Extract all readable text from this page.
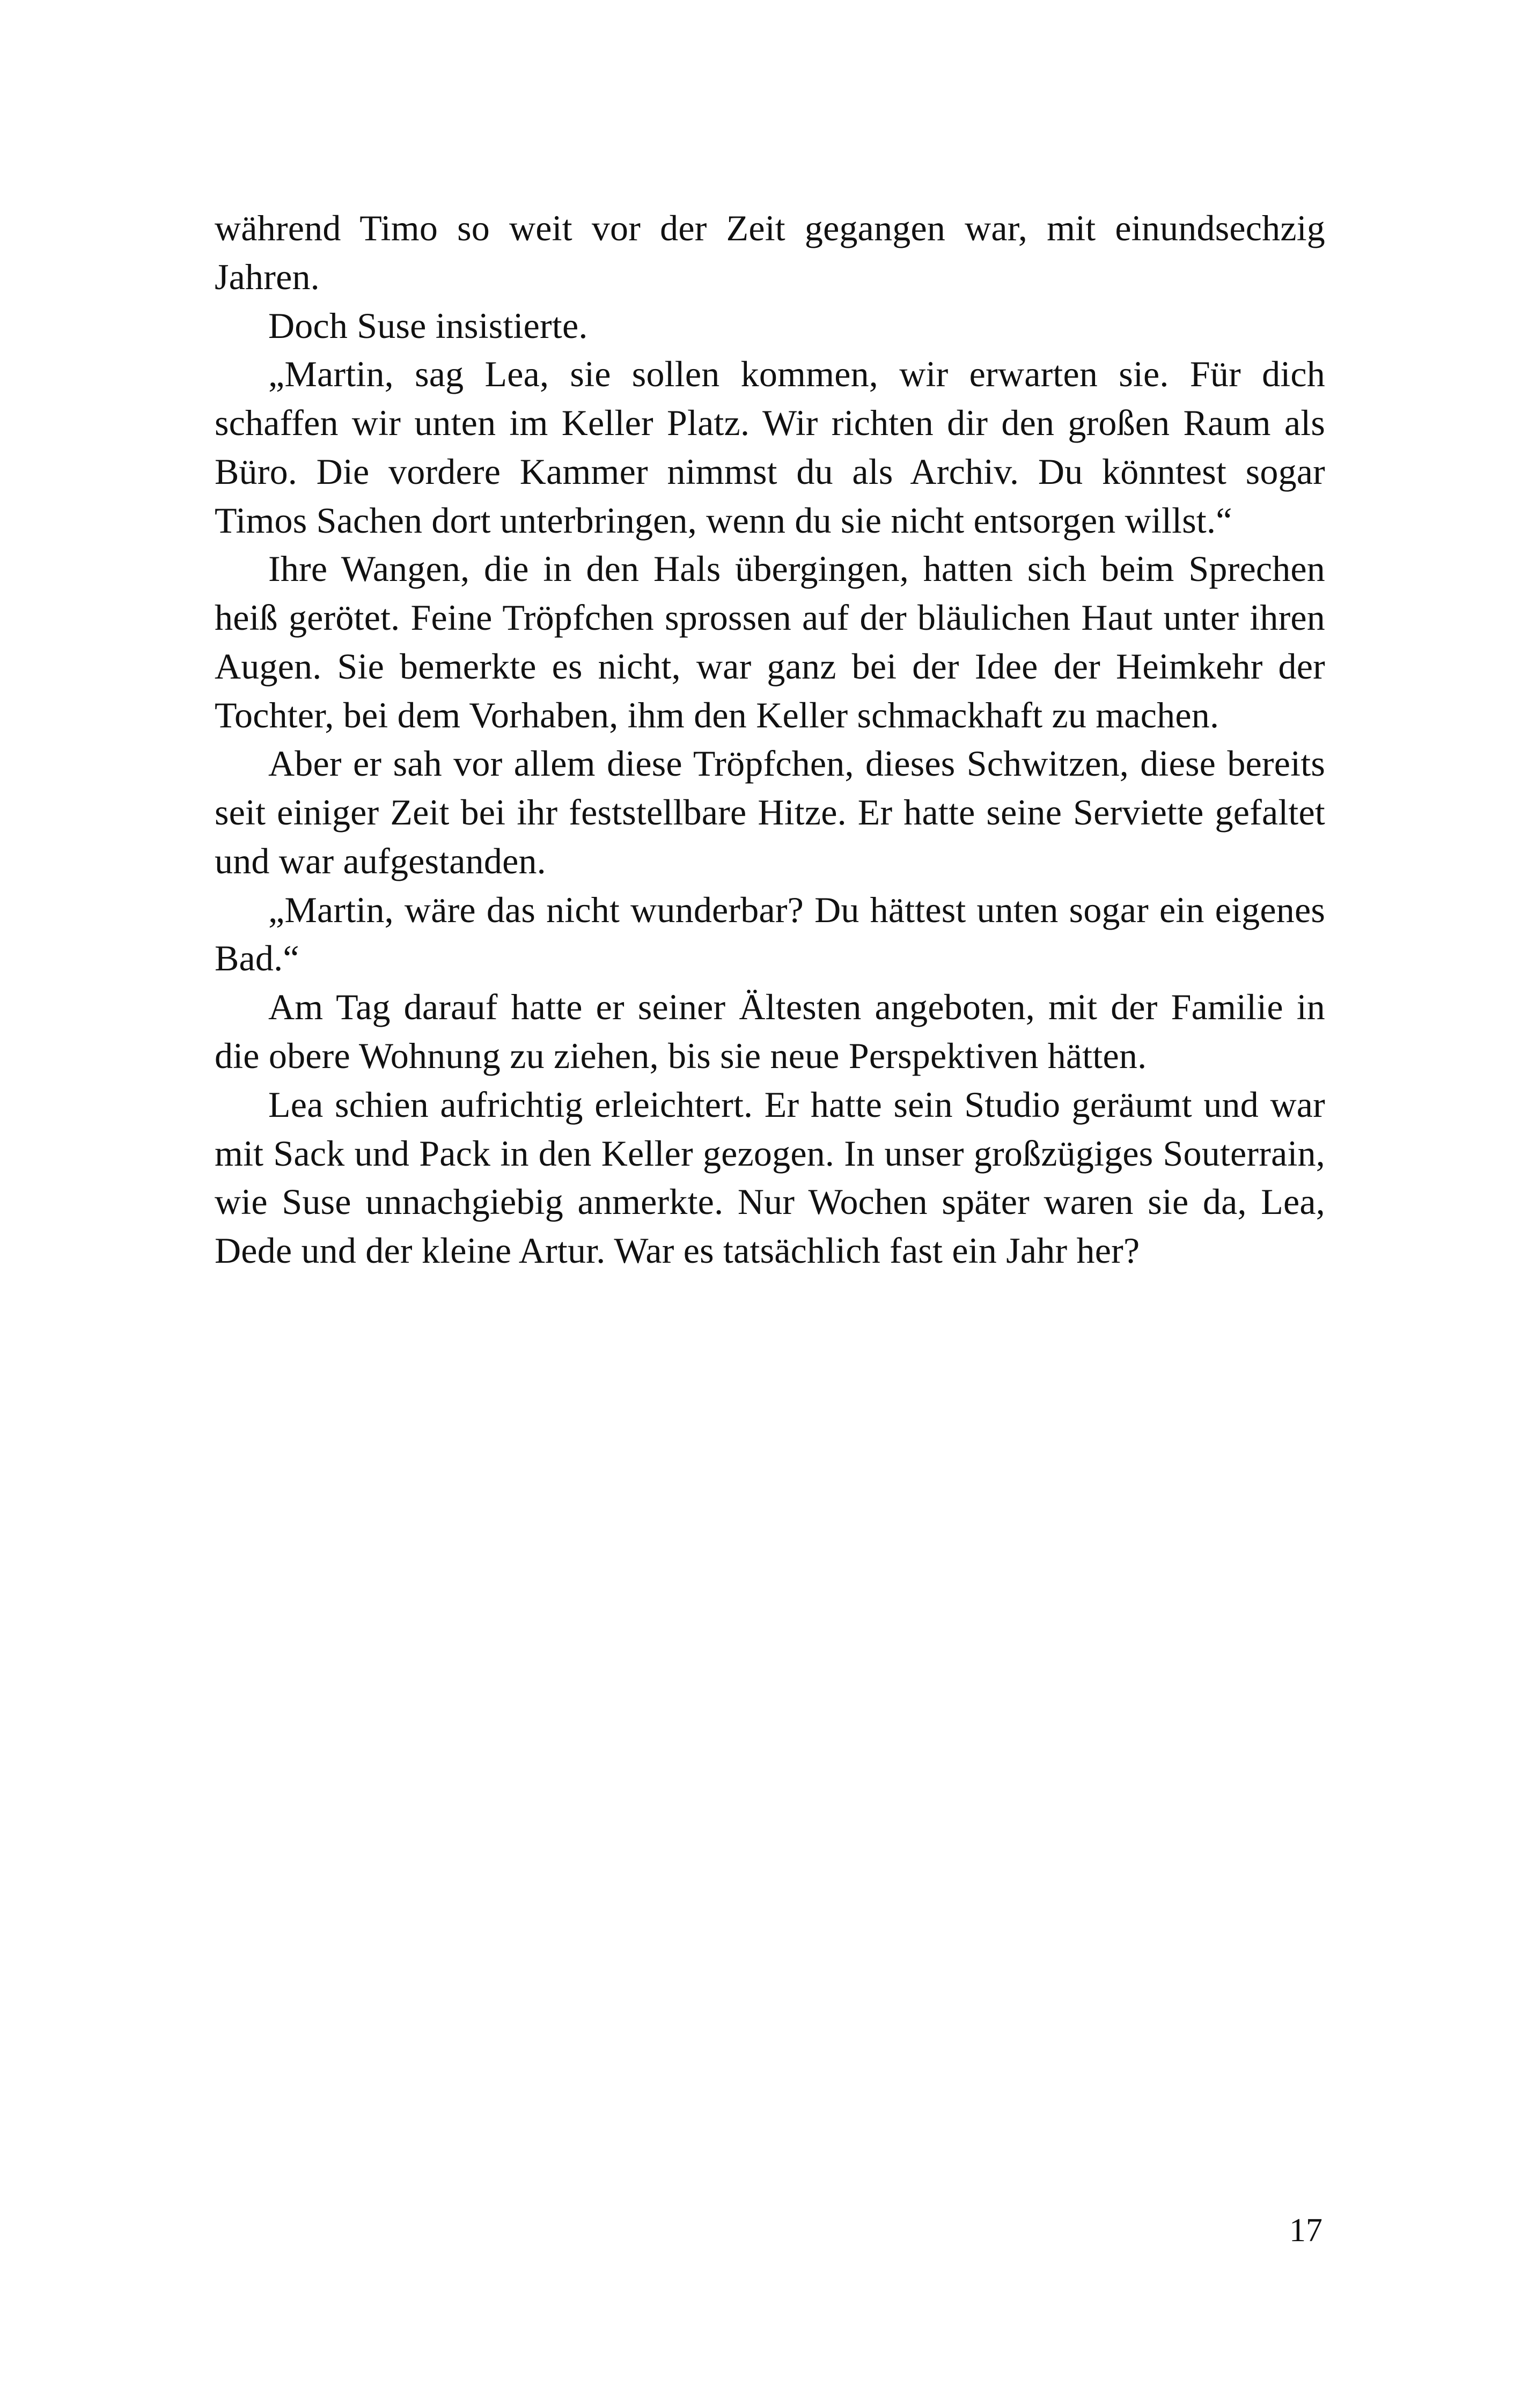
während Timo so weit vor der Zeit gegangen war, mit einundsechzig Jahren.

Doch Suse insistierte.

„Martin, sag Lea, sie sollen kommen, wir erwarten sie. Für dich schaffen wir unten im Keller Platz. Wir richten dir den großen Raum als Büro. Die vordere Kammer nimmst du als Archiv. Du könntest sogar Timos Sachen dort unterbringen, wenn du sie nicht entsorgen willst.“

Ihre Wangen, die in den Hals übergingen, hatten sich beim Sprechen heiß gerötet. Feine Tröpfchen sprossen auf der bläulichen Haut unter ihren Augen. Sie bemerkte es nicht, war ganz bei der Idee der Heimkehr der Tochter, bei dem Vorhaben, ihm den Keller schmackhaft zu machen.

Aber er sah vor allem diese Tröpfchen, dieses Schwitzen, diese bereits seit einiger Zeit bei ihr feststellbare Hitze. Er hatte seine Serviette gefaltet und war aufgestanden.

„Martin, wäre das nicht wunderbar? Du hättest unten sogar ein eigenes Bad.“

Am Tag darauf hatte er seiner Ältesten angeboten, mit der Familie in die obere Wohnung zu ziehen, bis sie neue Perspektiven hätten.

Lea schien aufrichtig erleichtert. Er hatte sein Studio geräumt und war mit Sack und Pack in den Keller gezogen. In unser großzügiges Souterrain, wie Suse unnachgiebig anmerkte. Nur Wochen später waren sie da, Lea, Dede und der kleine Artur. War es tatsächlich fast ein Jahr her?

17
